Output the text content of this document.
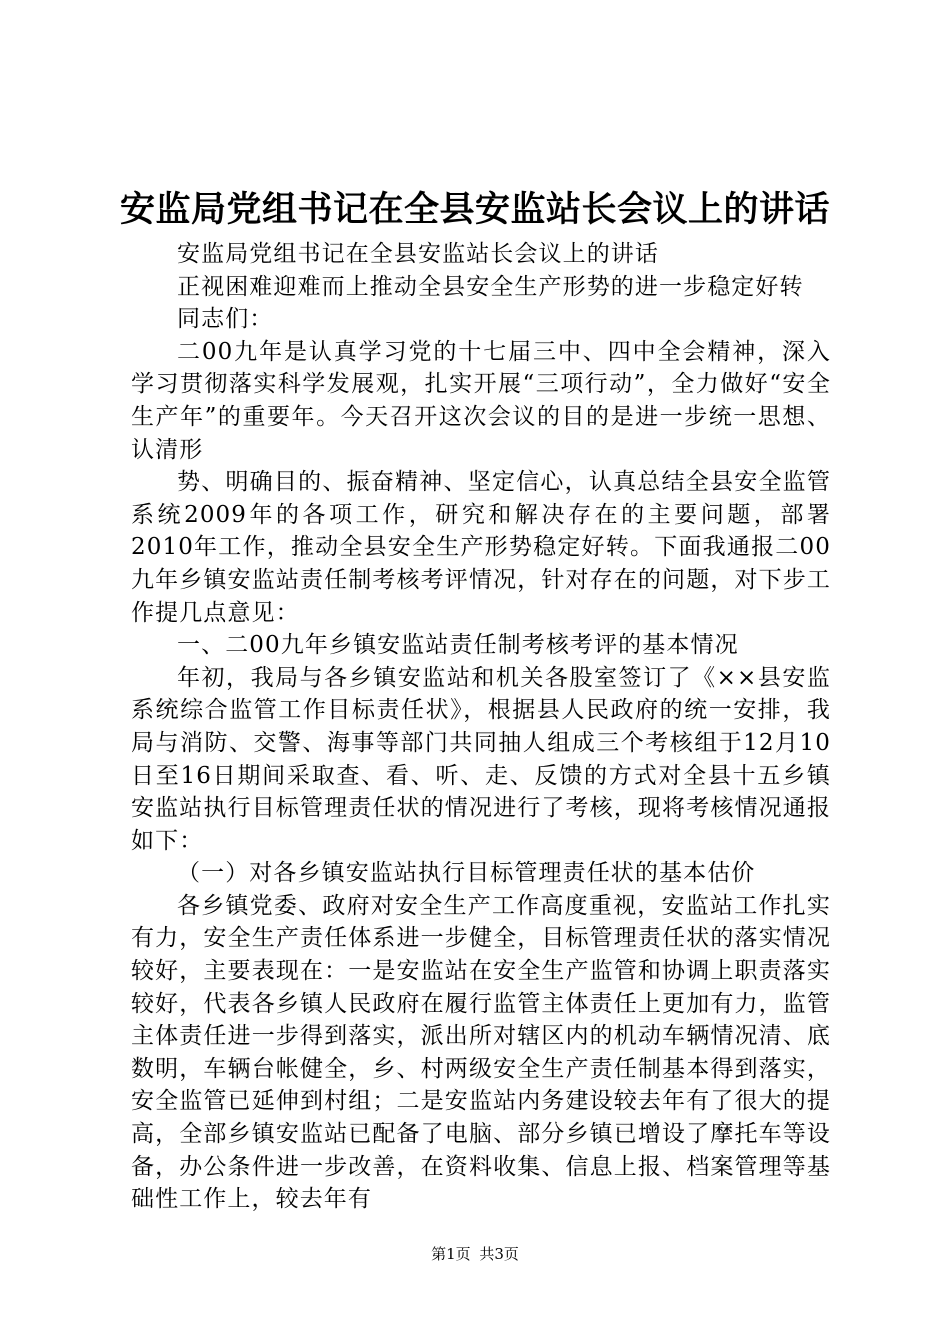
安监局党组书记在全县安监站长会议上的讲话

安监局党组书记在全县安监站长会议上的讲话

正视困难迎难而上推动全县安全生产形势的进一步稳定好转

同志们：

二00九年是认真学习党的十七届三中、四中全会精神，深入学习贯彻落实科学发展观，扎实开展“三项行动”，全力做好“安全生产年”的重要年。今天召开这次会议的目的是进一步统一思想、认清形

势、明确目的、振奋精神、坚定信心，认真总结全县安全监管系统2009年的各项工作，研究和解决存在的主要问题，部署2010年工作，推动全县安全生产形势稳定好转。下面我通报二00九年乡镇安监站责任制考核考评情况，针对存在的问题，对下步工作提几点意见：

一、二00九年乡镇安监站责任制考核考评的基本情况

年初，我局与各乡镇安监站和机关各股室签订了《××县安监系统综合监管工作目标责任状》，根据县人民政府的统一安排，我局与消防、交警、海事等部门共同抽人组成三个考核组于12月10日至16日期间采取查、看、听、走、反馈的方式对全县十五乡镇安监站执行目标管理责任状的情况进行了考核，现将考核情况通报如下：

（一）对各乡镇安监站执行目标管理责任状的基本估价

各乡镇党委、政府对安全生产工作高度重视，安监站工作扎实有力，安全生产责任体系进一步健全，目标管理责任状的落实情况较好，主要表现在：一是安监站在安全生产监管和协调上职责落实较好，代表各乡镇人民政府在履行监管主体责任上更加有力，监管主体责任进一步得到落实，派出所对辖区内的机动车辆情况清、底数明，车辆台帐健全，乡、村两级安全生产责任制基本得到落实，安全监管已延伸到村组；二是安监站内务建设较去年有了很大的提高，全部乡镇安监站已配备了电脑、部分乡镇已增设了摩托车等设备，办公条件进一步改善，在资料收集、信息上报、档案管理等基础性工作上，较去年有

第1页 共3页
